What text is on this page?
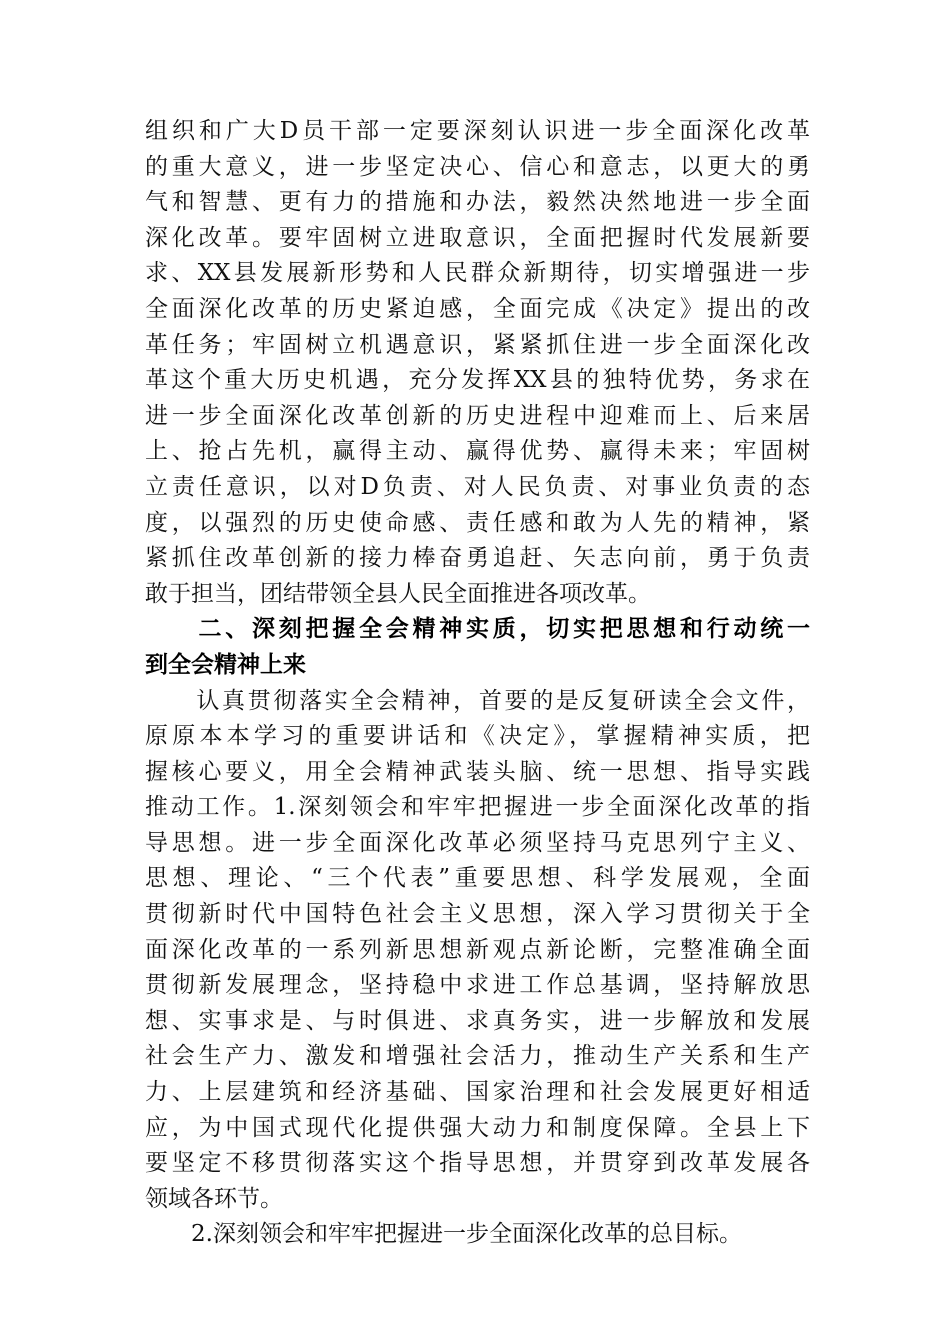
组织和广大D员干部一定要深刻认识进一步全面深化改革
的重大意义，进一步坚定决心、信心和意志，以更大的勇
气和智慧、更有力的措施和办法，毅然决然地进一步全面
深化改革。要牢固树立进取意识，全面把握时代发展新要
求、XX县发展新形势和人民群众新期待，切实增强进一步
全面深化改革的历史紧迫感，全面完成《决定》提出的改
革任务；牢固树立机遇意识，紧紧抓住进一步全面深化改
革这个重大历史机遇，充分发挥XX县的独特优势，务求在
进一步全面深化改革创新的历史进程中迎难而上、后来居
上、抢占先机，赢得主动、赢得优势、赢得未来；牢固树
立责任意识，以对D负责、对人民负责、对事业负责的态
度，以强烈的历史使命感、责任感和敢为人先的精神，紧
紧抓住改革创新的接力棒奋勇追赶、矢志向前，勇于负责
敢于担当，团结带领全县人民全面推进各项改革。
　　二、深刻把握全会精神实质，切实把思想和行动统一
到全会精神上来
　　认真贯彻落实全会精神，首要的是反复研读全会文件，
原原本本学习的重要讲话和《决定》，掌握精神实质，把
握核心要义，用全会精神武装头脑、统一思想、指导实践
推动工作。1.深刻领会和牢牢把握进一步全面深化改革的指
导思想。进一步全面深化改革必须坚持马克思列宁主义、
思想、理论、“三个代表”重要思想、科学发展观，全面
贯彻新时代中国特色社会主义思想，深入学习贯彻关于全
面深化改革的一系列新思想新观点新论断，完整准确全面
贯彻新发展理念，坚持稳中求进工作总基调，坚持解放思
想、实事求是、与时俱进、求真务实，进一步解放和发展
社会生产力、激发和增强社会活力，推动生产关系和生产
力、上层建筑和经济基础、国家治理和社会发展更好相适
应，为中国式现代化提供强大动力和制度保障。全县上下
要坚定不移贯彻落实这个指导思想，并贯穿到改革发展各
领域各环节。
　　2.深刻领会和牢牢把握进一步全面深化改革的总目标。
